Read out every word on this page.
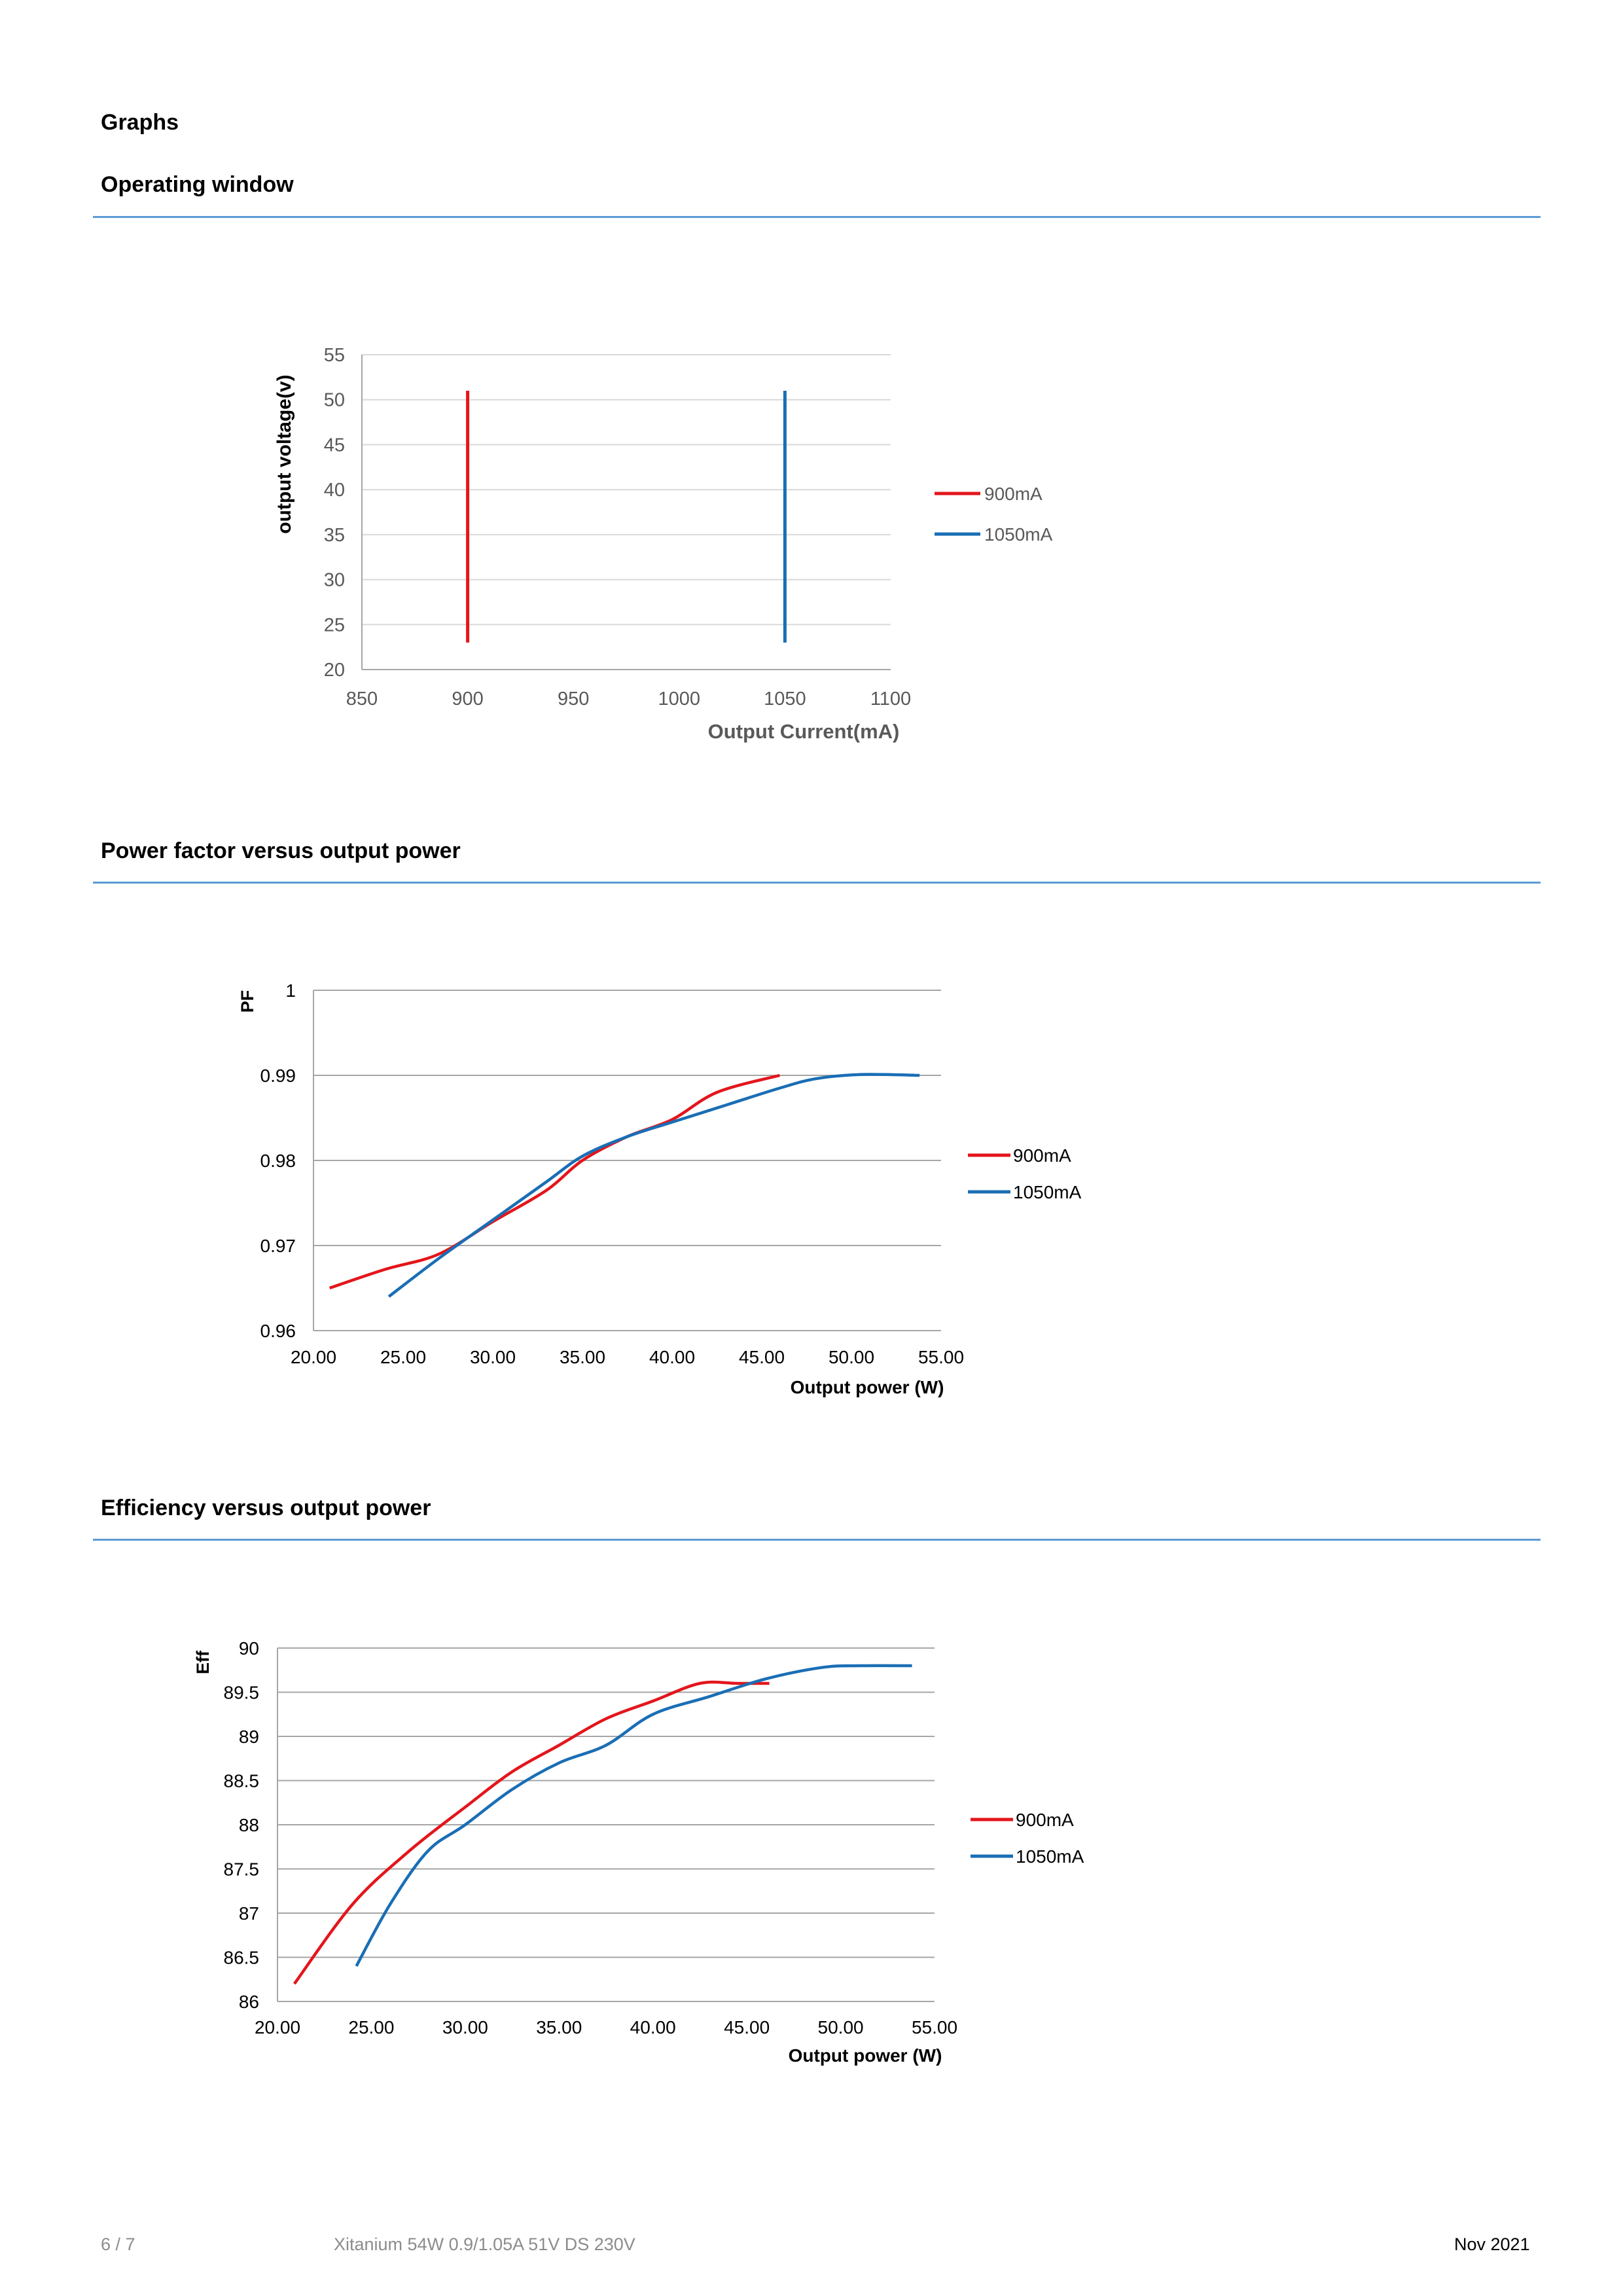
Graphs
Operating window
20
25
30
35
40
45
50
55
850	900	950	1000	1050	1100
Output Current(mA)
output voltage(v)	900mA
1050mA
Power factor versus output power
0.96
0.97
0.98
0.99
1
20.00 25.00 30.00 35.00 40.00 45.00 50.00 55.00
Output power (W)
PF
900mA
1050mA
Efficiency versus output power
86
86.5
87
87.5
88
88.5
89
89.5
90
20.00	25.00	30.00	35.00	40.00	45.00	50.00	55.00
Output power (W)
Eff
900mA
1050mA
6 / 7	Xitanium 54W 0.9/1.05A 51V DS 230V	Nov 2021
